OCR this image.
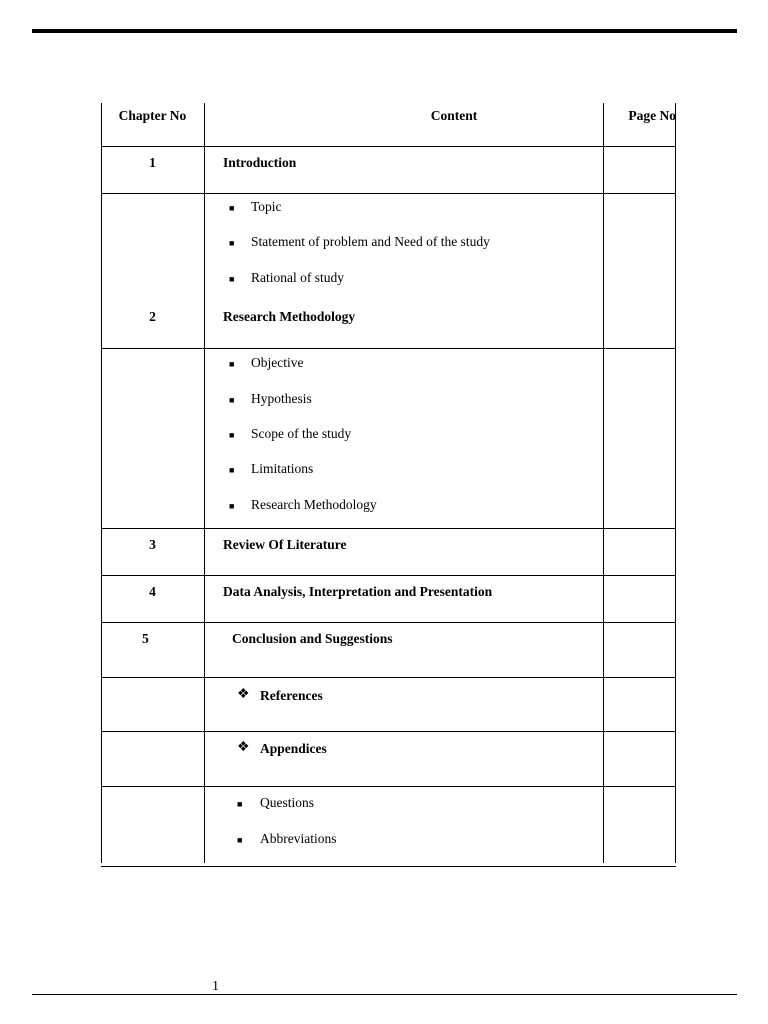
Chapter No	Content	Page No
1	Introduction
■ Topic
■ Statement of problem and Need of the study
■ Rational of study
2	Research Methodology
■ Objective
■ Hypothesis
■ Scope of the study
■ Limitations
■ Research Methodology
3	Review Of Literature
4	Data Analysis, Interpretation and Presentation
5	Conclusion and Suggestions
❖ References
❖ Appendices
■ Questions
■ Abbreviations
1
